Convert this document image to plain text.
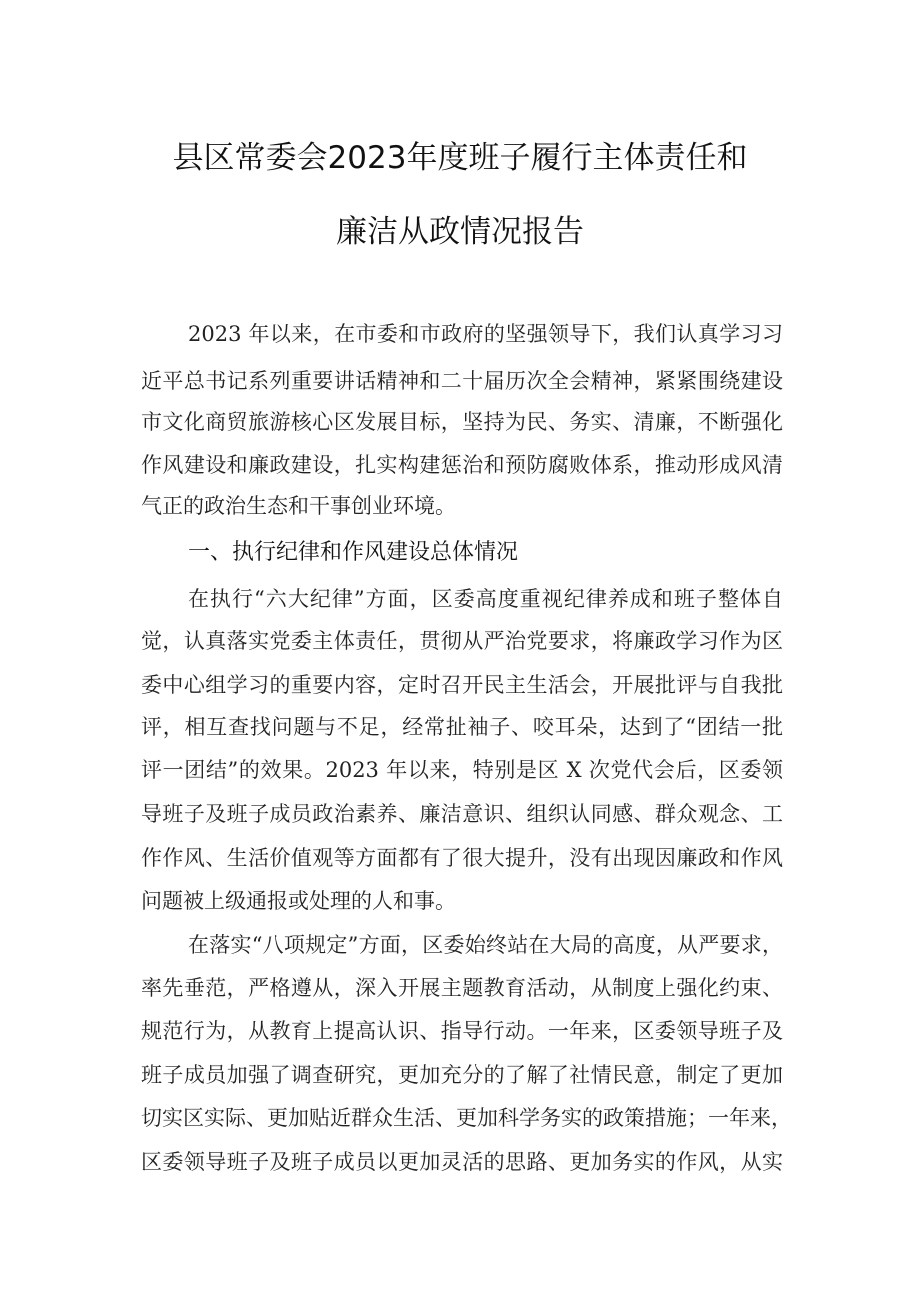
县区常委会2023年度班子履行主体责任和
廉洁从政情况报告
2023 年以来，在市委和市政府的坚强领导下，我们认真学习习
近平总书记系列重要讲话精神和二十届历次全会精神，紧紧围绕建设
市文化商贸旅游核心区发展目标，坚持为民、务实、清廉，不断强化
作风建设和廉政建设，扎实构建惩治和预防腐败体系，推动形成风清
气正的政治生态和干事创业环境。
一、执行纪律和作风建设总体情况
在执行“六大纪律”方面，区委高度重视纪律养成和班子整体自
觉，认真落实党委主体责任，贯彻从严治党要求，将廉政学习作为区
委中心组学习的重要内容，定时召开民主生活会，开展批评与自我批
评，相互查找问题与不足，经常扯袖子、咬耳朵，达到了“团结一批
评一团结”的效果。2023 年以来，特别是区 X 次党代会后，区委领
导班子及班子成员政治素养、廉洁意识、组织认同感、群众观念、工
作作风、生活价值观等方面都有了很大提升，没有出现因廉政和作风
问题被上级通报或处理的人和事。
在落实“八项规定”方面，区委始终站在大局的高度，从严要求，
率先垂范，严格遵从，深入开展主题教育活动，从制度上强化约束、
规范行为，从教育上提高认识、指导行动。一年来，区委领导班子及
班子成员加强了调查研究，更加充分的了解了社情民意，制定了更加
切实区实际、更加贴近群众生活、更加科学务实的政策措施；一年来，
区委领导班子及班子成员以更加灵活的思路、更加务实的作风，从实
